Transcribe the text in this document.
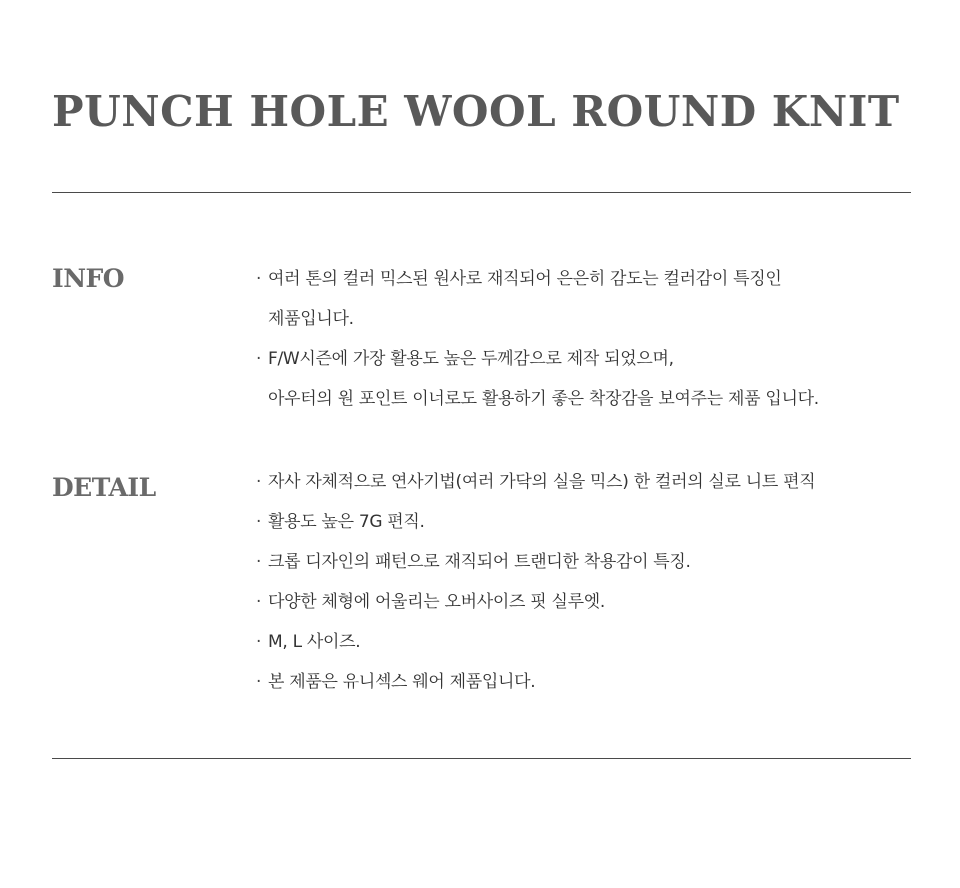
PUNCH HOLE WOOL ROUND KNIT
INFO	· 여러 톤의 컬러 믹스된 원사로 재직되어 은은히 감도는 컬러감이 특징인
제품입니다.
· F/W시즌에 가장 활용도 높은 두께감으로 제작 되었으며,
아우터의 원 포인트 이너로도 활용하기 좋은 착장감을 보여주는 제품 입니다.
DETAIL	· 자사 자체적으로 연사기법(여러 가닥의 실을 믹스) 한 컬러의 실로 니트 편직
· 활용도 높은 7G 편직.
· 크롭 디자인의 패턴으로 재직되어 트랜디한 착용감이 특징.
· 다양한 체형에 어울리는 오버사이즈 핏 실루엣.
· M, L 사이즈.
· 본 제품은 유니섹스 웨어 제품입니다.
